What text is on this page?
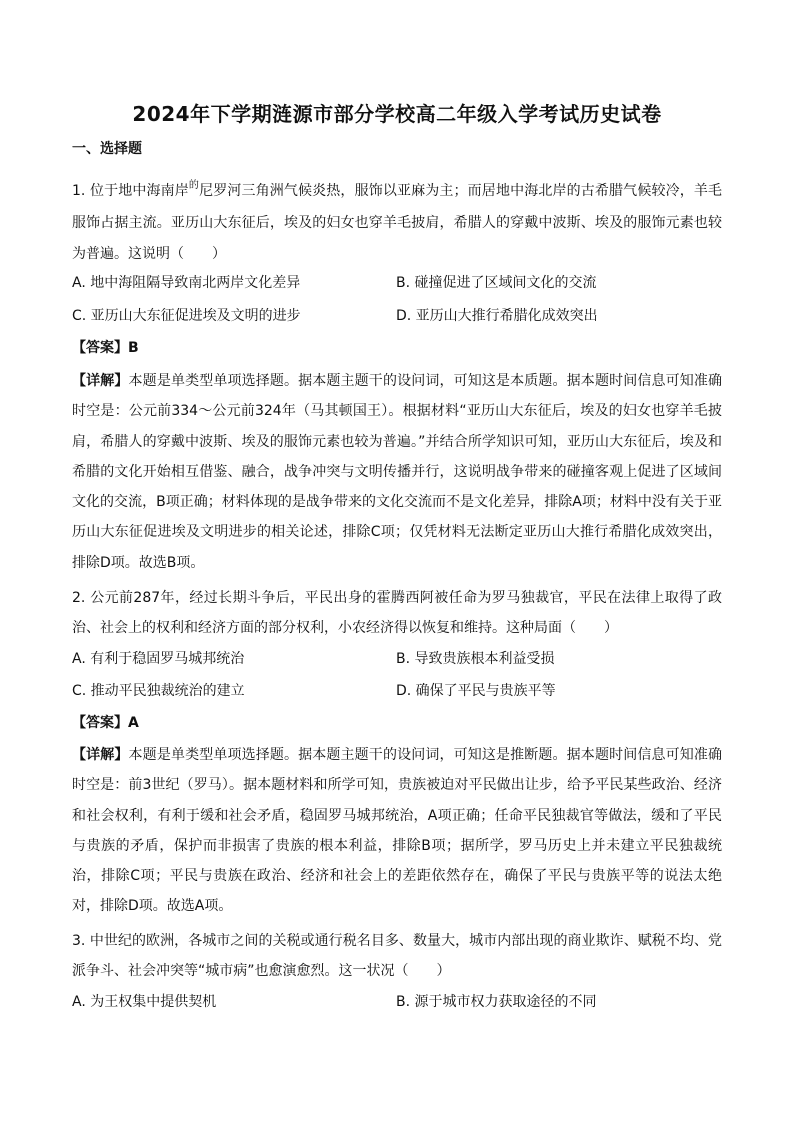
2024年下学期涟源市部分学校高二年级入学考试历史试卷
一、选择题
1. 位于地中海南岸$^的$尼罗河三角洲气候炎热，服饰以亚麻为主；而居地中海北岸的古希腊气候较冷，羊毛服饰占据主流。亚历山大东征后，埃及的妇女也穿羊毛披肩，希腊人的穿戴中波斯、埃及的服饰元素也较为普遍。这说明（　　）
A. 地中海阻隔导致南北两岸文化差异	B. 碰撞促进了区域间文化的交流
C. 亚历山大东征促进埃及文明的进步	D. 亚历山大推行希腊化成效突出
【答案】B
【详解】本题是单类型单项选择题。据本题主题干的设问词，可知这是本质题。据本题时间信息可知准确时空是：公元前334～公元前324年（马其顿国王）。根据材料“亚历山大东征后，埃及的妇女也穿羊毛披肩，希腊人的穿戴中波斯、埃及的服饰元素也较为普遍。”并结合所学知识可知，亚历山大东征后，埃及和希腊的文化开始相互借鉴、融合，战争冲突与文明传播并行，这说明战争带来的碰撞客观上促进了区域间文化的交流，B项正确；材料体现的是战争带来的文化交流而不是文化差异，排除A项；材料中没有关于亚历山大东征促进埃及文明进步的相关论述，排除C项；仅凭材料无法断定亚历山大推行希腊化成效突出，排除D项。故选B项。
2. 公元前287年，经过长期斗争后，平民出身的霍腾西阿被任命为罗马独裁官，平民在法律上取得了政治、社会上的权利和经济方面的部分权利，小农经济得以恢复和维持。这种局面（　　）
A. 有利于稳固罗马城邦统治	B. 导致贵族根本利益受损
C. 推动平民独裁统治的建立	D. 确保了平民与贵族平等
【答案】A
【详解】本题是单类型单项选择题。据本题主题干的设问词，可知这是推断题。据本题时间信息可知准确时空是：前3世纪（罗马）。据本题材料和所学可知，贵族被迫对平民做出让步，给予平民某些政治、经济和社会权利，有利于缓和社会矛盾，稳固罗马城邦统治，A项正确；任命平民独裁官等做法，缓和了平民与贵族的矛盾，保护而非损害了贵族的根本利益，排除B项；据所学，罗马历史上并未建立平民独裁统治，排除C项；平民与贵族在政治、经济和社会上的差距依然存在，确保了平民与贵族平等的说法太绝对，排除D项。故选A项。
3. 中世纪的欧洲，各城市之间的关税或通行税名目多、数量大，城市内部出现的商业欺诈、赋税不均、党派争斗、社会冲突等“城市病”也愈演愈烈。这一状况（　　）
A. 为王权集中提供契机	B. 源于城市权力获取途径的不同
